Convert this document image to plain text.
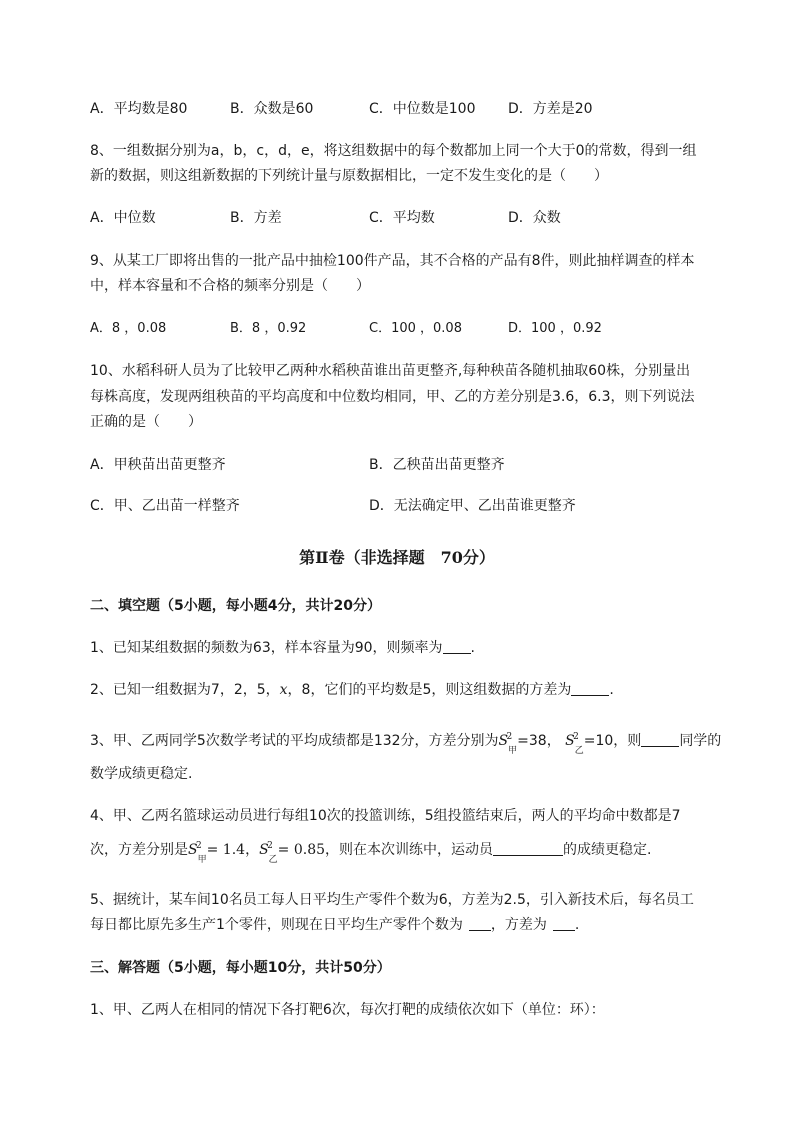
A．平均数是80	B．众数是60	C．中位数是100 D．方差是20
8、一组数据分别为a，b，c，d，e，将这组数据中的每个数都加上同一个大于0的常数，得到一组
新的数据，则这组新数据的下列统计量与原数据相比，一定不发生变化的是（　　）
A．中位数	B．方差	C．平均数	D．众数
9、从某工厂即将出售的一批产品中抽检100件产品，其不合格的产品有8件，则此抽样调查的样本
中，样本容量和不合格的频率分别是（　　）
A．8 ，0.08	B．8 ，0.92	C．100 ，0.08	D．100 ，0.92
10、水稻科研人员为了比较甲乙两种水稻秧苗谁出苗更整齐,每种秧苗各随机抽取60株，分别量出
每株高度，发现两组秧苗的平均高度和中位数均相同，甲、乙的方差分别是3.6，6.3，则下列说法
正确的是（　　）
A．甲秧苗出苗更整齐	B．乙秧苗出苗更整齐
C．甲、乙出苗一样整齐	D．无法确定甲、乙出苗谁更整齐
第Ⅱ卷（非选择题　70分）
二、填空题（5小题，每小题4分，共计20分）
1、已知某组数据的频数为63，样本容量为90，则频率为 .
2、已知一组数据为7，2，5，x，8，它们的平均数是5，则这组数据的方差为	.
3、甲、乙两同学5次数学考试的平均成绩都是132分，方差分别为S
2
$_甲$=38， S
2
$_乙$=10，则	同学的
数学成绩更稳定.
4、甲、乙两名篮球运动员进行每组10次的投篮训练，5组投篮结束后，两人的平均命中数都是7
次，方差分别是S
2
$_甲$= 1.4，S
2
$_乙$= 0.85，则在本次训练中，运动员	的成绩更稳定.
5、据统计，某车间10名员工每人日平均生产零件个数为6，方差为2.5，引入新技术后，每名员工
每日都比原先多生产1个零件，则现在日平均生产零件个数为 ，方差为 .
三、解答题（5小题，每小题10分，共计50分）
1、甲、乙两人在相同的情况下各打靶6次，每次打靶的成绩依次如下（单位：环）：
